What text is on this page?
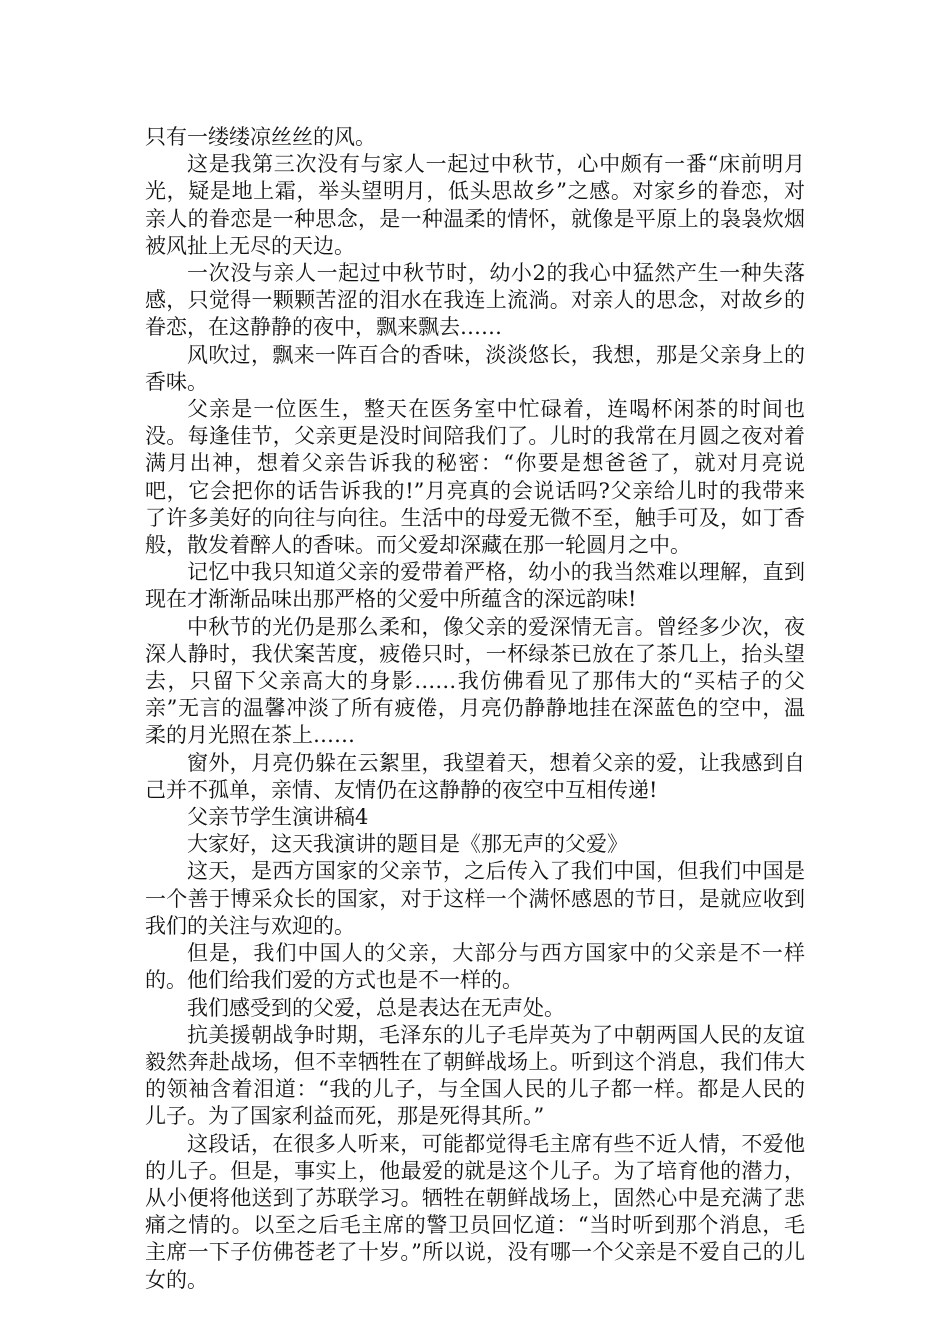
只有一缕缕凉丝丝的风。

这是我第三次没有与家人一起过中秋节，心中颇有一番“床前明月光，疑是地上霜，举头望明月，低头思故乡”之感。对家乡的眷恋，对亲人的眷恋是一种思念，是一种温柔的情怀，就像是平原上的袅袅炊烟被风扯上无尽的天边。

一次没与亲人一起过中秋节时，幼小2的我心中猛然产生一种失落感，只觉得一颗颗苦涩的泪水在我连上流淌。对亲人的思念，对故乡的眷恋，在这静静的夜中，飘来飘去……

风吹过，飘来一阵百合的香味，淡淡悠长，我想，那是父亲身上的香味。

父亲是一位医生，整天在医务室中忙碌着，连喝杯闲茶的时间也没。每逢佳节，父亲更是没时间陪我们了。儿时的我常在月圆之夜对着满月出神，想着父亲告诉我的秘密：“你要是想爸爸了，就对月亮说吧，它会把你的话告诉我的!”月亮真的会说话吗?父亲给儿时的我带来了许多美好的向往与向往。生活中的母爱无微不至，触手可及，如丁香般，散发着醉人的香味。而父爱却深藏在那一轮圆月之中。

记忆中我只知道父亲的爱带着严格，幼小的我当然难以理解，直到现在才渐渐品味出那严格的父爱中所蕴含的深远韵味!

中秋节的光仍是那么柔和，像父亲的爱深情无言。曾经多少次，夜深人静时，我伏案苦度，疲倦只时，一杯绿茶已放在了茶几上，抬头望去，只留下父亲高大的身影……我仿佛看见了那伟大的“买桔子的父亲”无言的温馨冲淡了所有疲倦，月亮仍静静地挂在深蓝色的空中，温柔的月光照在茶上……

窗外，月亮仍躲在云絮里，我望着天，想着父亲的爱，让我感到自己并不孤单，亲情、友情仍在这静静的夜空中互相传递!

父亲节学生演讲稿4

大家好，这天我演讲的题目是《那无声的父爱》

这天，是西方国家的父亲节，之后传入了我们中国，但我们中国是一个善于博采众长的国家，对于这样一个满怀感恩的节日，是就应收到我们的关注与欢迎的。

但是，我们中国人的父亲，大部分与西方国家中的父亲是不一样的。他们给我们爱的方式也是不一样的。

我们感受到的父爱，总是表达在无声处。

抗美援朝战争时期，毛泽东的儿子毛岸英为了中朝两国人民的友谊毅然奔赴战场，但不幸牺牲在了朝鲜战场上。听到这个消息，我们伟大的领袖含着泪道：“我的儿子，与全国人民的儿子都一样。都是人民的儿子。为了国家利益而死，那是死得其所。”

这段话，在很多人听来，可能都觉得毛主席有些不近人情，不爱他的儿子。但是，事实上，他最爱的就是这个儿子。为了培育他的潜力，从小便将他送到了苏联学习。牺牲在朝鲜战场上，固然心中是充满了悲痛之情的。以至之后毛主席的警卫员回忆道：“当时听到那个消息，毛主席一下子仿佛苍老了十岁。”所以说，没有哪一个父亲是不爱自己的儿女的。
